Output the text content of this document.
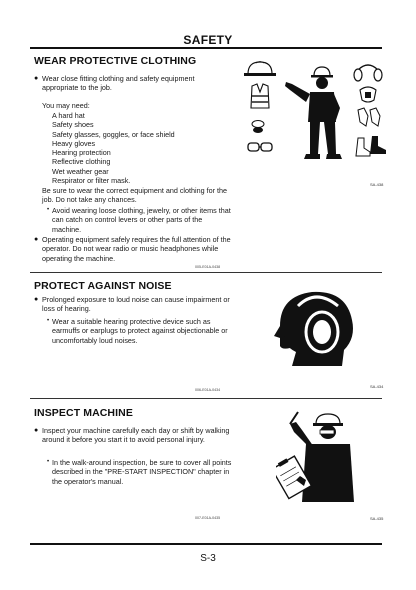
SAFETY
WEAR PROTECTIVE CLOTHING
● Wear close fitting clothing and safety equipment appropriate to the job.
You may need:
A hard hat
Safety shoes
Safety glasses, goggles, or face shield
Heavy gloves
Hearing protection
Reflective clothing
Wet weather gear
Respirator or filter mask.
Be sure to wear the correct equipment and clothing for the job. Do not take any chances.
• Avoid wearing loose clothing, jewelry, or other items that can catch on control levers or other parts of the machine.
● Operating equipment safely requires the full attention of the operator. Do not wear radio or music headphones while operating the machine.
005-E01A-0438
SA-438
PROTECT AGAINST NOISE
● Prolonged exposure to loud noise can cause impairment or loss of hearing.
• Wear a suitable hearing protective device such as earmuffs or earplugs to protect against objectionable or uncomfortably loud noises.
006-E01A-0434
SA-434
INSPECT MACHINE
● Inspect your machine carefully each day or shift by walking around it before you start it to avoid personal injury.
• In the walk-around inspection, be sure to cover all points described in the "PRE-START INSPECTION" chapter in the operator's manual.
007-E01A-0435	SA-435
S-3
